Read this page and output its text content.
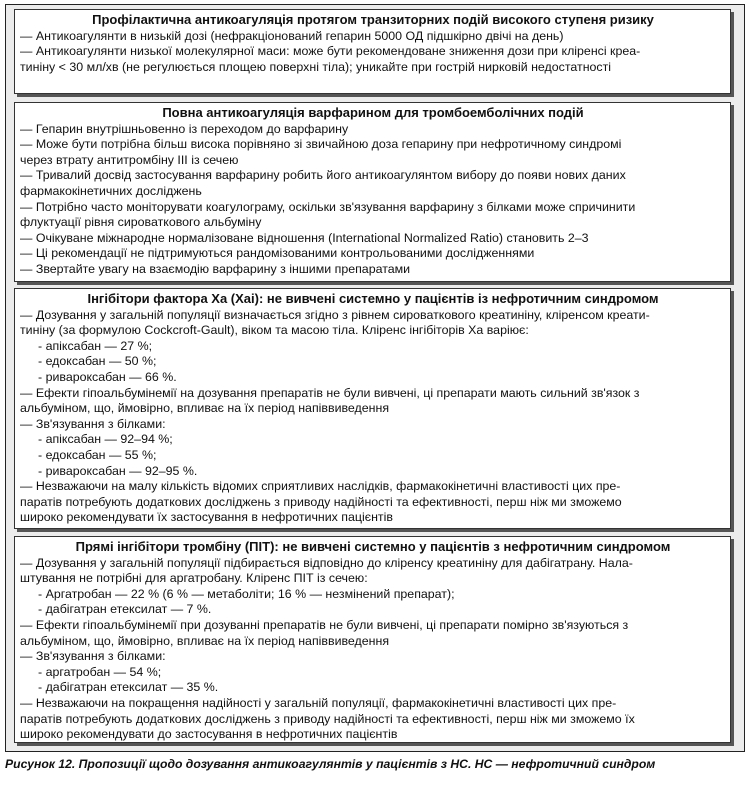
Профілактична антикоагуляція протягом транзиторних подій високого ступеня ризику
— Антикоагулянти в низькій дозі (нефракціонований гепарин 5000 ОД підшкірно двічі на день)
— Антикоагулянти низької молекулярної маси: може бути рекомендоване зниження дози при кліренсі креа-
тиніну < 30 мл/хв (не регулюється площею поверхні тіла); уникайте при гострій нирковій недостатності
Повна антикоагуляція варфарином для тромбоемболічних подій
— Гепарин внутрішньовенно із переходом до варфарину
— Може бути потрібна більш висока порівняно зі звичайною доза гепарину при нефротичному синдромі
через втрату антитромбіну III із сечею
— Тривалий досвід застосування варфарину робить його антикоагулянтом вибору до появи нових даних
фармакокінетичних досліджень
— Потрібно часто моніторувати коагулограму, оскільки зв'язування варфарину з білками може спричинити
флуктуації рівня сироваткового альбуміну
— Очікуване міжнародне нормалізоване відношення (International Normalized Ratio) становить 2–3
— Ці рекомендації не підтримуються рандомізованими контрольованими дослідженнями
— Звертайте увагу на взаємодію варфарину з іншими препаратами
Інгібітори фактора Ха (Хаі): не вивчені системно у пацієнтів із нефротичним синдромом
— Дозування у загальній популяції визначається згідно з рівнем сироваткового креатиніну, кліренсом креати-
тиніну (за формулою Cockcroft-Gault), віком та масою тіла. Кліренс інгібіторів Ха варіює:
- апіксабан — 27 %;
- едоксабан — 50 %;
- ривароксабан — 66 %.
— Ефекти гіпоальбумінемії на дозування препаратів не були вивчені, ці препарати мають сильний зв'язок з
альбуміном, що, ймовірно, впливає на їх період напіввиведення
— Зв'язування з білками:
- апіксабан — 92–94 %;
- едоксабан — 55 %;
- ривароксабан — 92–95 %.
— Незважаючи на малу кількість відомих сприятливих наслідків, фармакокінетичні властивості цих пре-
паратів потребують додаткових досліджень з приводу надійності та ефективності, перш ніж ми зможемо
широко рекомендувати їх застосування в нефротичних пацієнтів
Прямі інгібітори тромбіну (ПІТ): не вивчені системно у пацієнтів з нефротичним синдромом
— Дозування у загальній популяції підбирається відповідно до кліренсу креатиніну для дабігатрану. Нала-
штування не потрібні для аргатробану. Кліренс ПІТ із сечею:
- Аргатробан — 22 % (6 % — метаболіти; 16 % — незмінений препарат);
- дабігатран етексилат — 7 %.
— Ефекти гіпоальбумінемії при дозуванні препаратів не були вивчені, ці препарати помірно зв'язуються з
альбуміном, що, ймовірно, впливає на їх період напіввиведення
— Зв'язування з білками:
- аргатробан — 54 %;
- дабігатран етексилат — 35 %.
— Незважаючи на покращення надійності у загальній популяції, фармакокінетичні властивості цих пре-
паратів потребують додаткових досліджень з приводу надійності та ефективності, перш ніж ми зможемо їх
широко рекомендувати до застосування в нефротичних пацієнтів
Рисунок 12. Пропозиції щодо дозування антикоагулянтів у пацієнтів з НС. НС — нефротичний синдром
